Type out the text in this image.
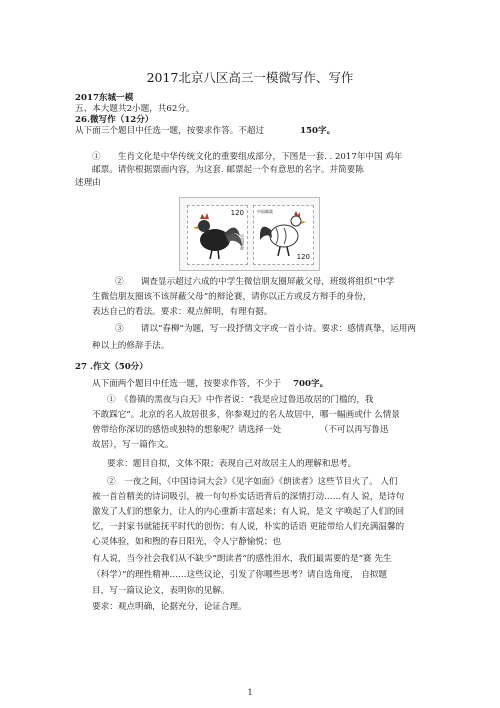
2017北京八区高三一模微写作、写作
2017东城一模
五、本大题共2小题，共62分。
26.微写作（12分）
从下面三个题目中任选一题，按要求作答。不超过	150字。
①　　生肖文化是中华传统文化的重要组成部分，下图是一套. . 2017年中国 鸡年
邮票。请你根据票面内容，为这套. 邮票起一个有意思的名字。并简要陈
述理由
120
中国邮政
中国邮政
120
②　　调查显示超过六成的中学生微信朋友圈屏蔽父母，班级将组织“中学
生微信朋友圈该不该屏蔽父母”的辩论赛，请你以正方或反方辩手的身份，
表达自己的看法。要求：观点鲜明，有理有据。
③　　请以“春柳”为题，写一段抒情文字或一首小诗。要求：感情真挚，运用两
种以上的修辞手法。
27 .作文（50分）
从下面两个题目中任选一题，按要求作答，不少于 700字。
①　《鲁镇的黑夜与白天》中作者说：“我是应过鲁迅故居的门槛的，我
不敢踩它”。北京的名人故居很多，你参观过的名人故居中，哪一幅画或什 么情景
曾带给你深切的感悟或独特的想象呢？请选择一处　　　　　（不可以再写鲁迅
故居），写一篇作文。
要求：题目自拟，文体不限；表现自己对故居主人的理解和思考。
②　一夜之间，《中国诗词大会》《见字如面》《朗读者》这些节目火了。 人们
被一首首精美的诗词吸引，被一句句朴实话语背后的深情打动……有人 说，是诗句
激发了人们的想象力，让人的内心重新丰富起来；有人说，是文 字唤起了人们的回
忆，一封家书就能抚平时代的创伤；有人说，朴实的话语 更能带给人们充满温馨的
心灵体验，如和煦的春日阳光，令人宁静愉悦；也
有人说，当今社会我们从不缺少“朗读者”的感性泪水，我们最需要的是“赛 先生
（科学）”的理性精神……这些议论，引发了你哪些思考？请自选角度， 自拟题
目，写一篇议论文，表明你的见解。
要求：观点明确，论据充分，论证合理。
1
